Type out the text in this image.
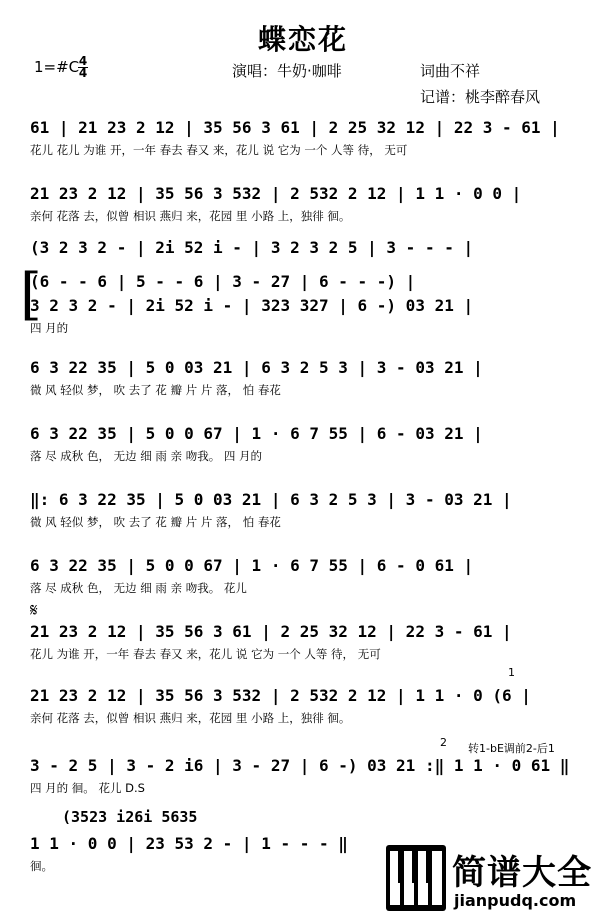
蝶恋花
1=#C 4
4	演唱：牛奶·咖啡	词曲不祥
记谱：桃李醉春风
[
61 | 21 23 2 12 | 35 56 3 61 | 2 25 32 12 | 22 3 - 61 |
花儿 花儿 为谁 开，一年 春去 春又 来，花儿 说 它为 一个 人等 待， 无可
21 23 2 12 | 35 56 3 532 | 2 532 2 12 | 1 1 · 0 0 |
亲何 花落 去，似曾 相识 燕归 来，花园 里 小路 上，独徘 徊。
(3 2 3 2 - | 2i 52 i - | 3 2 3 2 5 | 3 - - - |
(6 - - 6 | 5 - - 6 | 3 - 27 | 6 - - -) |
3 2 3 2 - | 2i 52 i - | 323 327 | 6 -) 03 21 |
四 月的
6 3 22 35 | 5 0 03 21 | 6 3 2 5 3 | 3 - 03 21 |
微 风 轻似 梦， 吹 去了 花 瓣 片 片 落， 怕 春花
6 3 22 35 | 5 0 0 67 | 1 · 6 7 55 | 6 - 03 21 |
落 尽 成秋 色， 无边 细 雨 亲 吻我。 四 月的
‖: 6 3 22 35 | 5 0 03 21 | 6 3 2 5 3 | 3 - 03 21 |
微 风 轻似 梦， 吹 去了 花 瓣 片 片 落， 怕 春花
6 3 22 35 | 5 0 0 67 | 1 · 6 7 55 | 6 - 0 61 |
落 尽 成秋 色， 无边 细 雨 亲 吻我。 花儿
𝄋
21 23 2 12 | 35 56 3 61 | 2 25 32 12 | 22 3 - 61 |
花儿 为谁 开，一年 春去 春又 来，花儿 说 它为 一个 人等 待， 无可
1
21 23 2 12 | 35 56 3 532 | 2 532 2 12 | 1 1 · 0 (6 |
亲何 花落 去，似曾 相识 燕归 来，花园 里 小路 上，独徘 徊。
2 转1-bE调前2-后1
3 - 2 5 | 3 - 2 i6 | 3 - 27 | 6 -) 03 21 :‖ 1 1 · 0 61 ‖
四 月的 徊。 花儿 D.S
(3523 i26i 5635
1 1 · 0 0 | 23 53 2 - | 1 - - - ‖
徊。	简谱大全
jianpudq.com
